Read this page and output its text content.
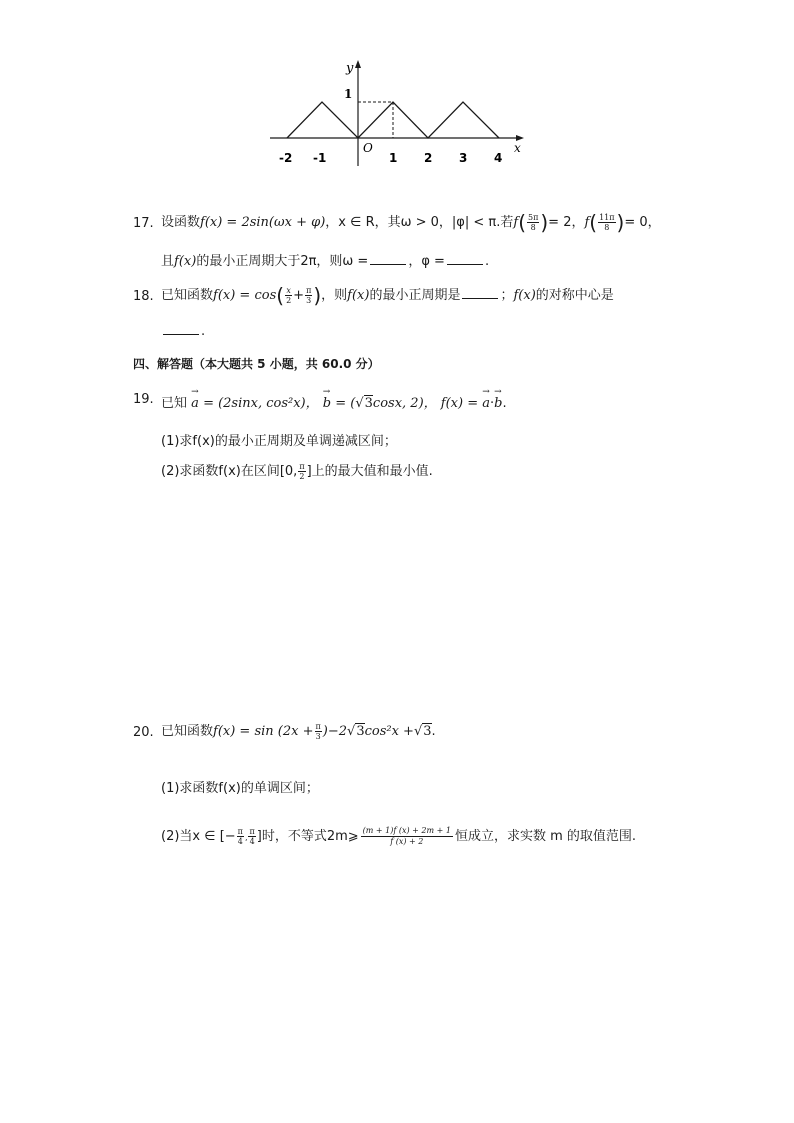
y
1
x
O
-2 -1	1 2 3 4
17. 设函数f(x) = 2sin(ωx + φ)，x ∈ R，其ω > 0，|φ| < π.若$f( \frac{5\pi}{8}$ )= 2，$f( \frac{11\pi}{8}$ )= 0，
且f(x)的最小正周期大于2π，则ω =	，φ =	.
18. 已知函数$f(x) = \cos( \frac{x}{2} + \frac{\pi}{3}$ )，则f(x)的最小正周期是	；f(x)的对称中心是
.
四、解答题（本大题共 5 小题，共 60.0 分）
19. 已知 → a = (2sinx, cos²x)， → b = (√3cosx, 2)， f(x) = → a·→ b.
(1)求f(x)的最小正周期及单调递减区间；
(2)求函数f(x)在区间[0, $\frac{\pi}{2}$ ]上的最大值和最小值.
20. 已知函数$f(x) = \sin (2x + \frac{\pi}{3} )-2√3\cos^2x +√3$.
(1)求函数f(x)的单调区间；
(2)当x ∈ [− $\frac{\pi}{4}$ , $\frac{\pi}{4}$ ]时，不等式2m⩾ $\frac{(m + 1)f (x) + 2m + 1}{f (x) + 2}$ 恒成立，求实数 m 的取值范围.
